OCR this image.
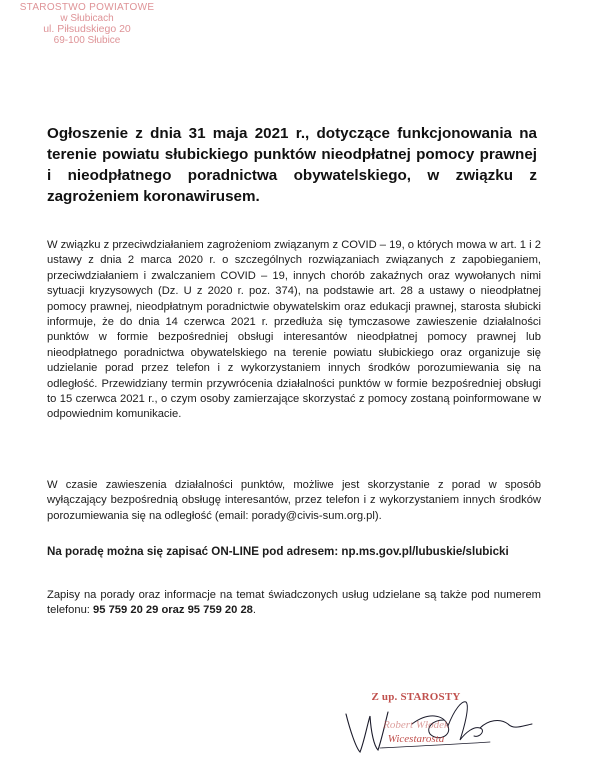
STAROSTWO POWIATOWE
w Słubicach
ul. Piłsudskiego 20
69-100 Słubice
Ogłoszenie z dnia 31 maja 2021 r., dotyczące funkcjonowania na terenie powiatu słubickiego punktów nieodpłatnej pomocy prawnej i nieodpłatnego poradnictwa obywatelskiego, w związku z zagrożeniem koronawirusem.
W związku z przeciwdziałaniem zagrożeniom związanym z COVID – 19, o których mowa w art. 1 i 2 ustawy z dnia 2 marca 2020 r. o szczególnych rozwiązaniach związanych z zapobieganiem, przeciwdziałaniem i zwalczaniem COVID – 19, innych chorób zakaźnych oraz wywołanych nimi sytuacji kryzysowych (Dz. U z 2020 r. poz. 374), na podstawie art. 28 a ustawy o nieodpłatnej pomocy prawnej, nieodpłatnym poradnictwie obywatelskim oraz edukacji prawnej, starosta słubicki informuje, że do dnia 14 czerwca 2021 r. przedłuża się tymczasowe zawieszenie działalności punktów w formie bezpośredniej obsługi interesantów nieodpłatnej pomocy prawnej lub nieodpłatnego poradnictwa obywatelskiego na terenie powiatu słubickiego oraz organizuje się udzielanie porad przez telefon i z wykorzystaniem innych środków porozumiewania się na odległość. Przewidziany termin przywrócenia działalności punktów w formie bezpośredniej obsługi to 15 czerwca 2021 r., o czym osoby zamierzające skorzystać z pomocy zostaną poinformowane w odpowiednim komunikacie.
W czasie zawieszenia działalności punktów, możliwe jest skorzystanie z porad w sposób wyłączający bezpośrednią obsługę interesantów, przez telefon i z wykorzystaniem innych środków porozumiewania się na odległość (email: porady@civis-sum.org.pl).
Na poradę można się zapisać ON-LINE pod adresem: np.ms.gov.pl/lubuskie/slubicki
Zapisy na porady oraz informacje na temat świadczonych usług udzielane są także pod numerem telefonu: 95 759 20 29 oraz 95 759 20 28.
Z up. STAROSTY
Robert Włodek
Wicestarosta
